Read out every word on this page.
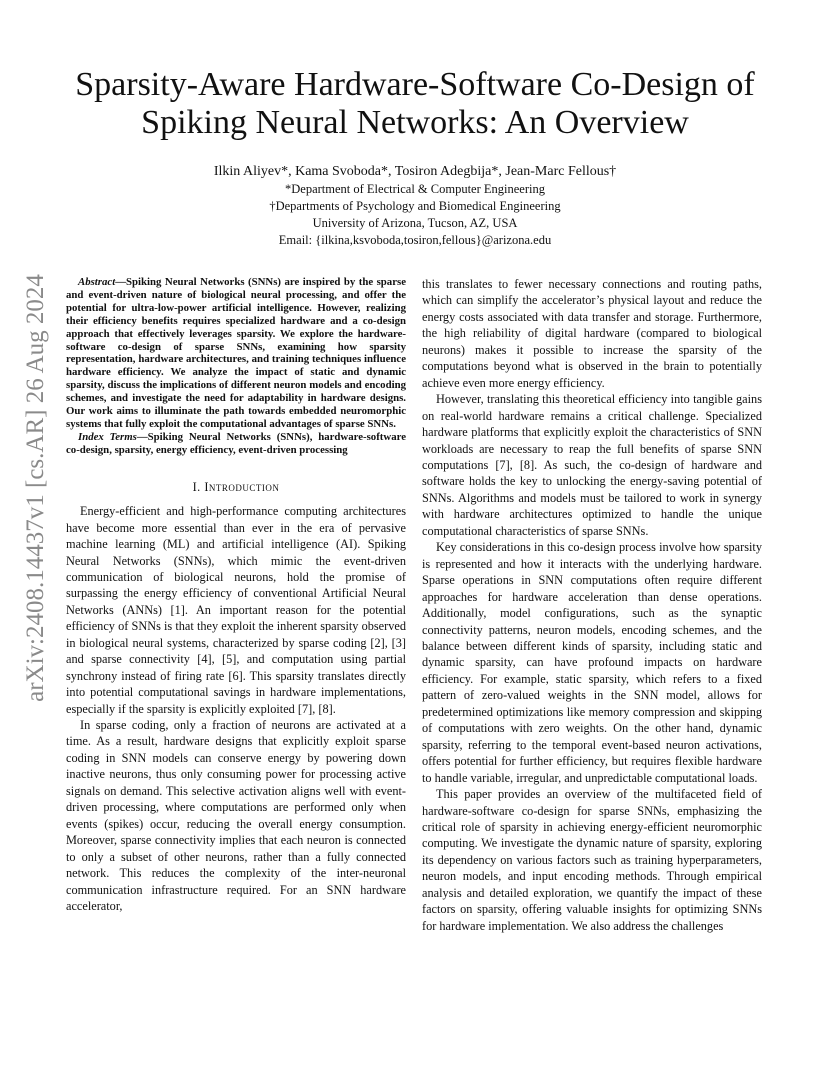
arXiv:2408.14437v1 [cs.AR] 26 Aug 2024
Sparsity-Aware Hardware-Software Co-Design of
Spiking Neural Networks: An Overview
Ilkin Aliyev*, Kama Svoboda*, Tosiron Adegbija*, Jean-Marc Fellous†
*Department of Electrical & Computer Engineering
†Departments of Psychology and Biomedical Engineering
University of Arizona, Tucson, AZ, USA
Email: {ilkina,ksvoboda,tosiron,fellous}@arizona.edu

Abstract—Spiking Neural Networks (SNNs) are inspired by the sparse and event-driven nature of biological neural processing, and offer the potential for ultra-low-power artificial intelligence. However, realizing their efficiency benefits requires specialized hardware and a co-design approach that effectively leverages sparsity. We explore the hardware-software co-design of sparse SNNs, examining how sparsity representation, hardware architectures, and training techniques influence hardware efficiency. We analyze the impact of static and dynamic sparsity, discuss the implications of different neuron models and encoding schemes, and investigate the need for adaptability in hardware designs. Our work aims to illuminate the path towards embedded neuromorphic systems that fully exploit the computational advantages of sparse SNNs.

Index Terms—Spiking Neural Networks (SNNs), hardware-software co-design, sparsity, energy efficiency, event-driven processing

I. Introduction

Energy-efficient and high-performance computing architectures have become more essential than ever in the era of pervasive machine learning (ML) and artificial intelligence (AI). Spiking Neural Networks (SNNs), which mimic the event-driven communication of biological neurons, hold the promise of surpassing the energy efficiency of conventional Artificial Neural Networks (ANNs) [1]. An important reason for the potential efficiency of SNNs is that they exploit the inherent sparsity observed in biological neural systems, characterized by sparse coding [2], [3] and sparse connectivity [4], [5], and computation using partial synchrony instead of firing rate [6]. This sparsity translates directly into potential computational savings in hardware implementations, especially if the sparsity is explicitly exploited [7], [8].

In sparse coding, only a fraction of neurons are activated at a time. As a result, hardware designs that explicitly exploit sparse coding in SNN models can conserve energy by powering down inactive neurons, thus only consuming power for processing active signals on demand. This selective activation aligns well with event-driven processing, where computations are performed only when events (spikes) occur, reducing the overall energy consumption. Moreover, sparse connectivity implies that each neuron is connected to only a subset of other neurons, rather than a fully connected network. This reduces the complexity of the inter-neuronal communication infrastructure required. For an SNN hardware accelerator,

this translates to fewer necessary connections and routing paths, which can simplify the accelerator’s physical layout and reduce the energy costs associated with data transfer and storage. Furthermore, the high reliability of digital hardware (compared to biological neurons) makes it possible to increase the sparsity of the computations beyond what is observed in the brain to potentially achieve even more energy efficiency.

However, translating this theoretical efficiency into tangible gains on real-world hardware remains a critical challenge. Specialized hardware platforms that explicitly exploit the characteristics of SNN workloads are necessary to reap the full benefits of sparse SNN computations [7], [8]. As such, the co-design of hardware and software holds the key to unlocking the energy-saving potential of SNNs. Algorithms and models must be tailored to work in synergy with hardware architectures optimized to handle the unique computational characteristics of sparse SNNs.

Key considerations in this co-design process involve how sparsity is represented and how it interacts with the underlying hardware. Sparse operations in SNN computations often require different approaches for hardware acceleration than dense operations. Additionally, model configurations, such as the synaptic connectivity patterns, neuron models, encoding schemes, and the balance between different kinds of sparsity, including static and dynamic sparsity, can have profound impacts on hardware efficiency. For example, static sparsity, which refers to a fixed pattern of zero-valued weights in the SNN model, allows for predetermined optimizations like memory compression and skipping of computations with zero weights. On the other hand, dynamic sparsity, referring to the temporal event-based neuron activations, offers potential for further efficiency, but requires flexible hardware to handle variable, irregular, and unpredictable computational loads.

This paper provides an overview of the multifaceted field of hardware-software co-design for sparse SNNs, emphasizing the critical role of sparsity in achieving energy-efficient neuromorphic computing. We investigate the dynamic nature of sparsity, exploring its dependency on various factors such as training hyperparameters, neuron models, and input encoding methods. Through empirical analysis and detailed exploration, we quantify the impact of these factors on sparsity, offering valuable insights for optimizing SNNs for hardware implementation. We also address the challenges
